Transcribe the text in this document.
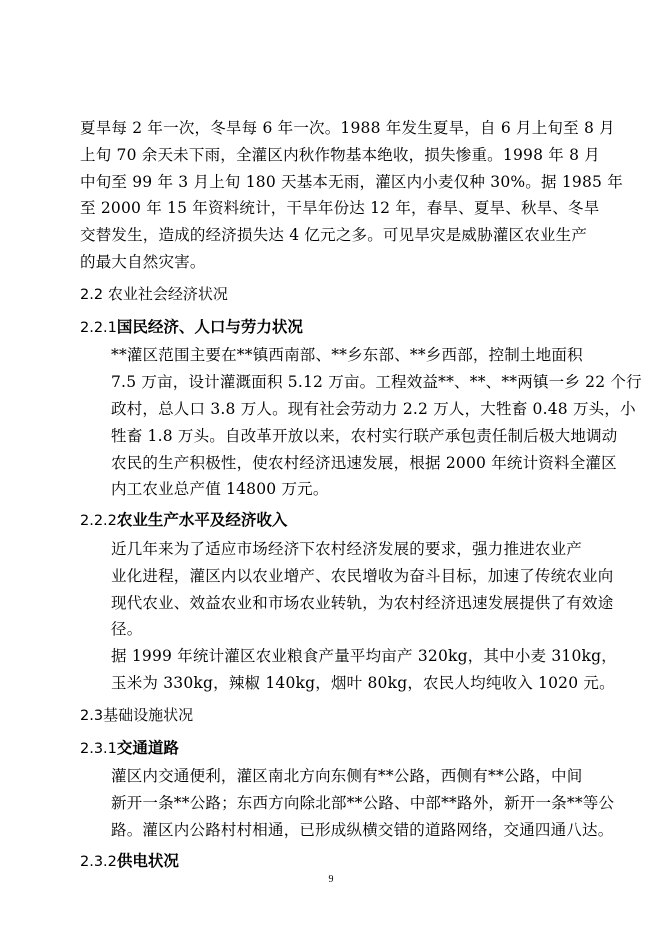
夏旱每 2 年一次，冬旱每 6 年一次。1988 年发生夏旱，自 6 月上旬至 8 月
上旬 70 余天未下雨，全灌区内秋作物基本绝收，损失惨重。1998 年 8 月
中旬至 99 年 3 月上旬 180 天基本无雨，灌区内小麦仅种 30%。据 1985 年
至 2000 年 15 年资料统计，干旱年份达 12 年，春旱、夏旱、秋旱、冬旱
交替发生，造成的经济损失达 4 亿元之多。可见旱灾是威胁灌区农业生产
的最大自然灾害。

2.2 农业社会经济状况
2.2.1国民经济、人口与劳力状况

**灌区范围主要在**镇西南部、**乡东部、**乡西部，控制土地面积
7.5 万亩，设计灌溉面积 5.12 万亩。工程效益**、**、**两镇一乡 22 个行
政村，总人口 3.8 万人。现有社会劳动力 2.2 万人，大牲畜 0.48 万头，小
牲畜 1.8 万头。自改革开放以来，农村实行联产承包责任制后极大地调动
农民的生产积极性，使农村经济迅速发展，根据 2000 年统计资料全灌区
内工农业总产值 14800 万元。

2.2.2农业生产水平及经济收入

近几年来为了适应市场经济下农村经济发展的要求，强力推进农业产
业化进程，灌区内以农业增产、农民增收为奋斗目标，加速了传统农业向
现代农业、效益农业和市场农业转轨，为农村经济迅速发展提供了有效途
径。

据 1999 年统计灌区农业粮食产量平均亩产 320kg，其中小麦 310kg，
玉米为 330kg，辣椒 140kg，烟叶 80kg，农民人均纯收入 1020 元。

2.3基础设施状况
2.3.1交通道路

灌区内交通便利，灌区南北方向东侧有**公路，西侧有**公路，中间
新开一条**公路；东西方向除北部**公路、中部**路外，新开一条**等公
路。灌区内公路村村相通，已形成纵横交错的道路网络，交通四通八达。

2.3.2供电状况
9
